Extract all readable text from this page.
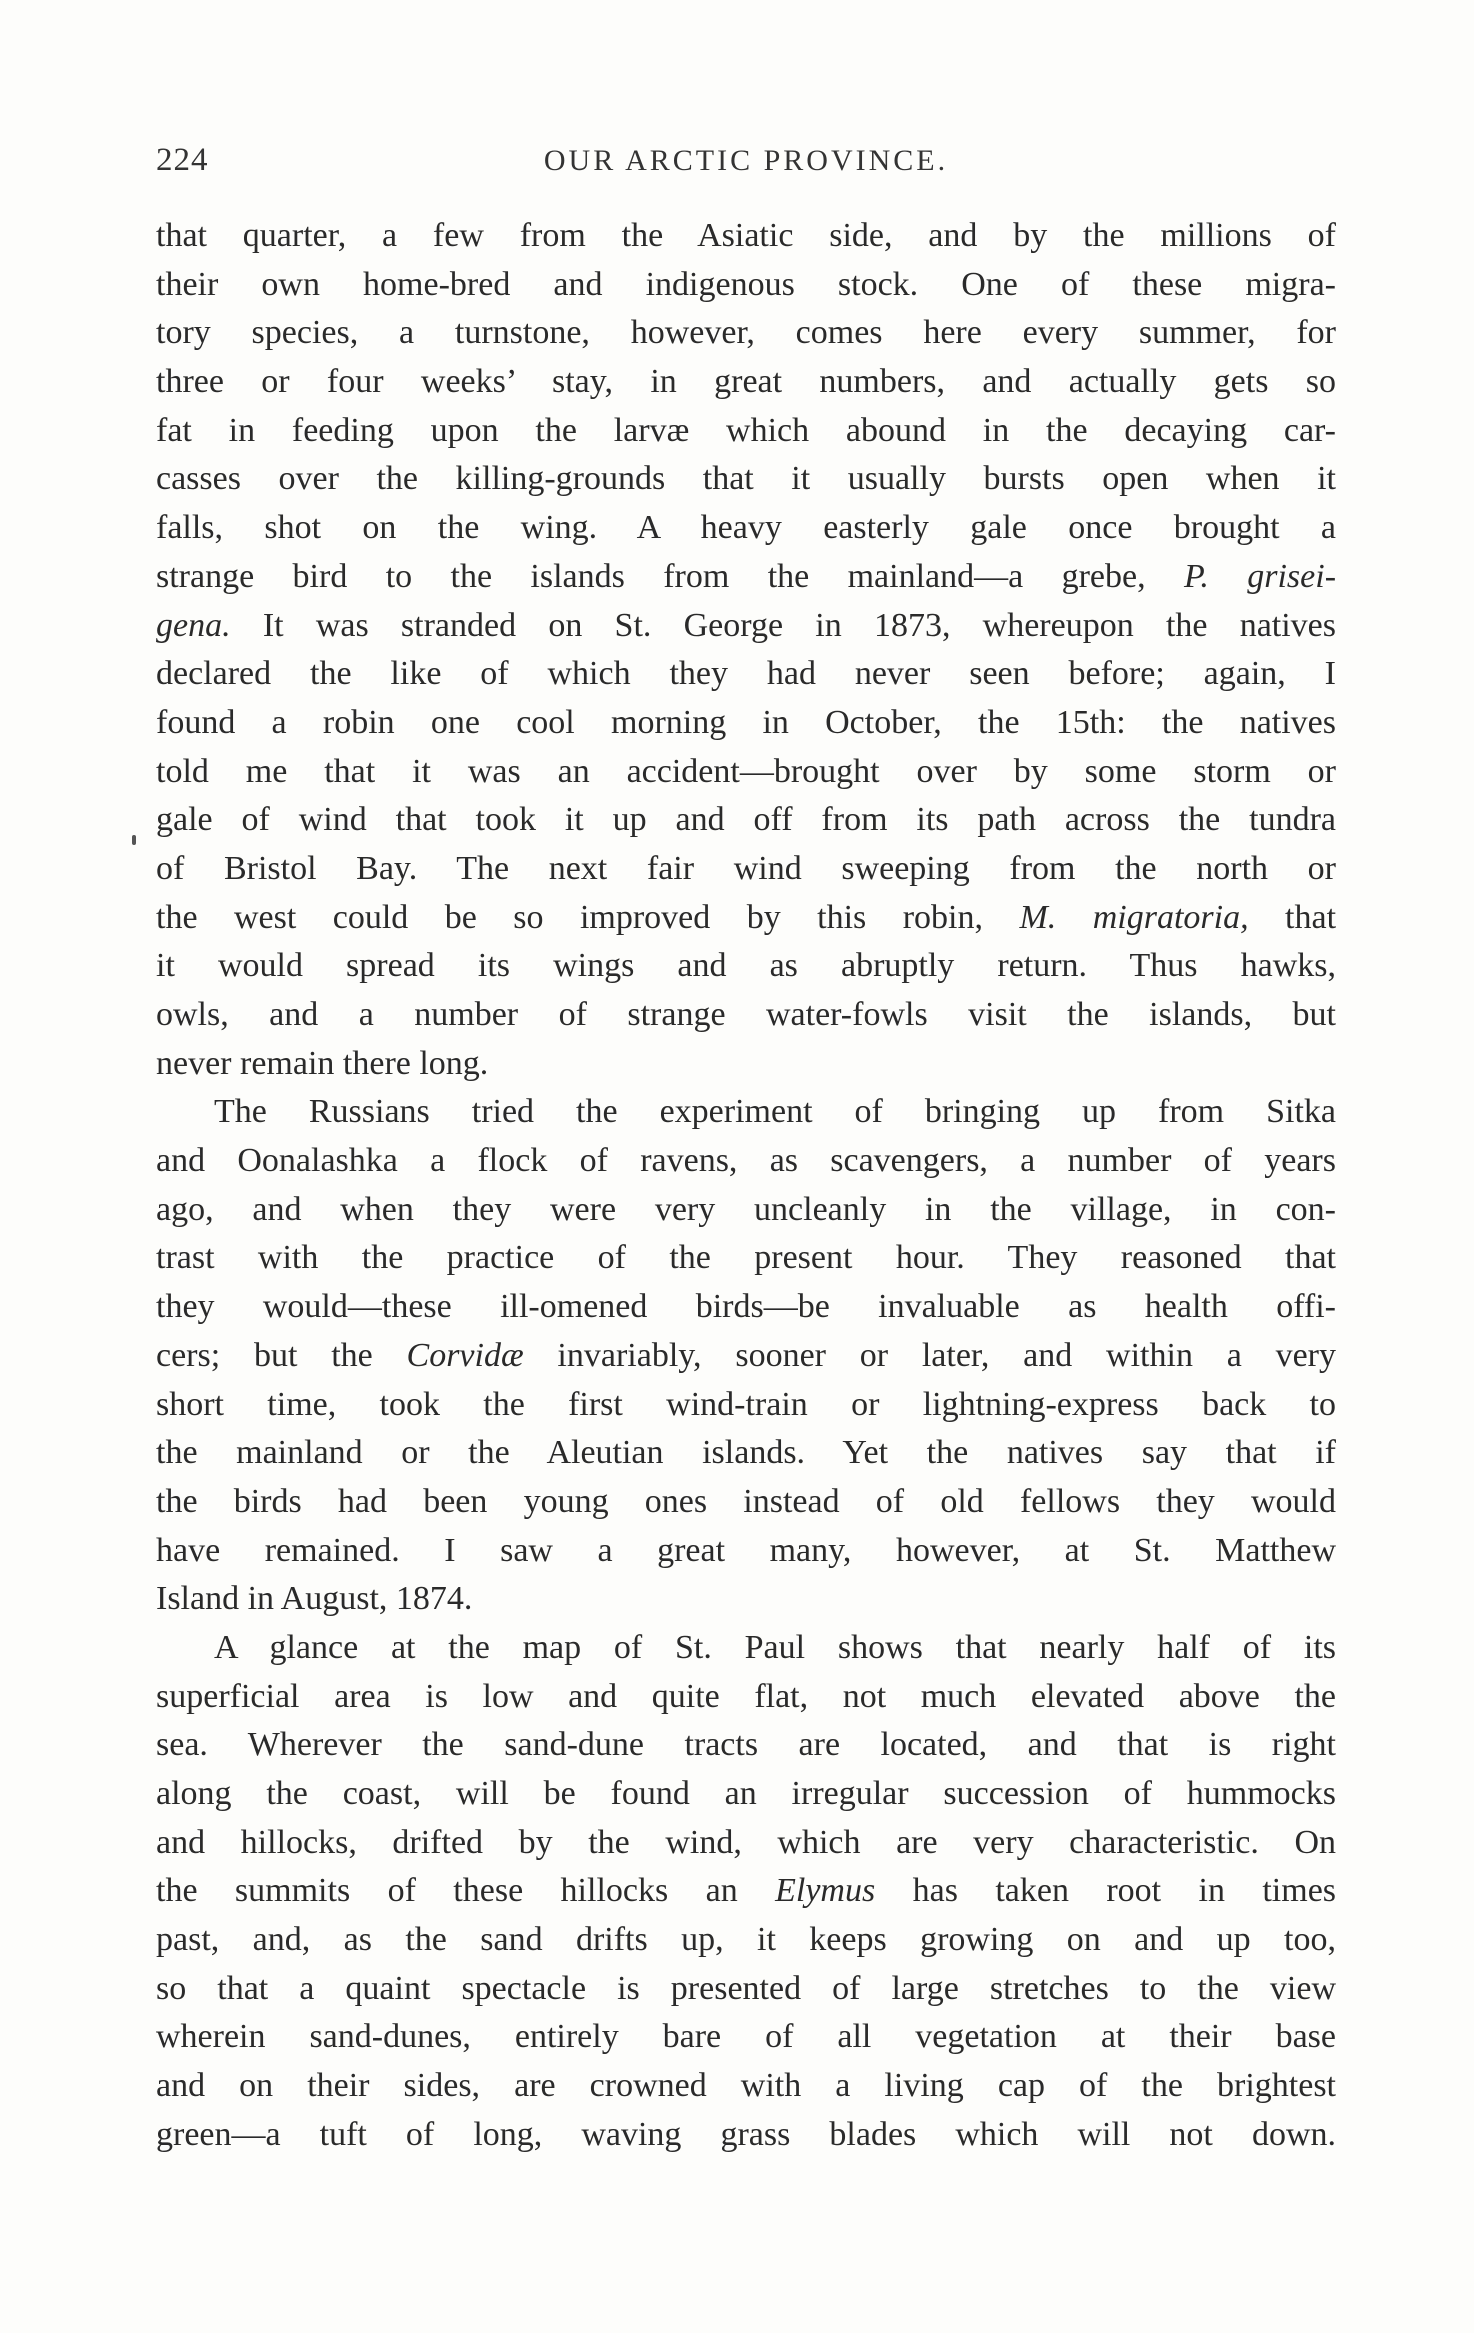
224	OUR ARCTIC PROVINCE.
that quarter, a few from the Asiatic side, and by the millions of
their own home-bred and indigenous stock. One of these migra-
tory species, a turnstone, however, comes here every summer, for
three or four weeks’ stay, in great numbers, and actually gets so
fat in feeding upon the larvæ which abound in the decaying car-
casses over the killing-grounds that it usually bursts open when it
falls, shot on the wing. A heavy easterly gale once brought a
strange bird to the islands from the mainland—a grebe, P. grisei-
gena. It was stranded on St. George in 1873, whereupon the natives
declared the like of which they had never seen before; again, I
found a robin one cool morning in October, the 15th: the natives
told me that it was an accident—brought over by some storm or
gale of wind that took it up and off from its path across the tundra
of Bristol Bay. The next fair wind sweeping from the north or
the west could be so improved by this robin, M. migratoria, that
it would spread its wings and as abruptly return. Thus hawks,
owls, and a number of strange water-fowls visit the islands, but
never remain there long.
The Russians tried the experiment of bringing up from Sitka
and Oonalashka a flock of ravens, as scavengers, a number of years
ago, and when they were very uncleanly in the village, in con-
trast with the practice of the present hour. They reasoned that
they would—these ill-omened birds—be invaluable as health offi-
cers; but the Corvidæ invariably, sooner or later, and within a very
short time, took the first wind-train or lightning-express back to
the mainland or the Aleutian islands. Yet the natives say that if
the birds had been young ones instead of old fellows they would
have remained. I saw a great many, however, at St. Matthew
Island in August, 1874.
A glance at the map of St. Paul shows that nearly half of its
superficial area is low and quite flat, not much elevated above the
sea. Wherever the sand-dune tracts are located, and that is right
along the coast, will be found an irregular succession of hummocks
and hillocks, drifted by the wind, which are very characteristic. On
the summits of these hillocks an Elymus has taken root in times
past, and, as the sand drifts up, it keeps growing on and up too,
so that a quaint spectacle is presented of large stretches to the view
wherein sand-dunes, entirely bare of all vegetation at their base
and on their sides, are crowned with a living cap of the brightest
green—a tuft of long, waving grass blades which will not down.
